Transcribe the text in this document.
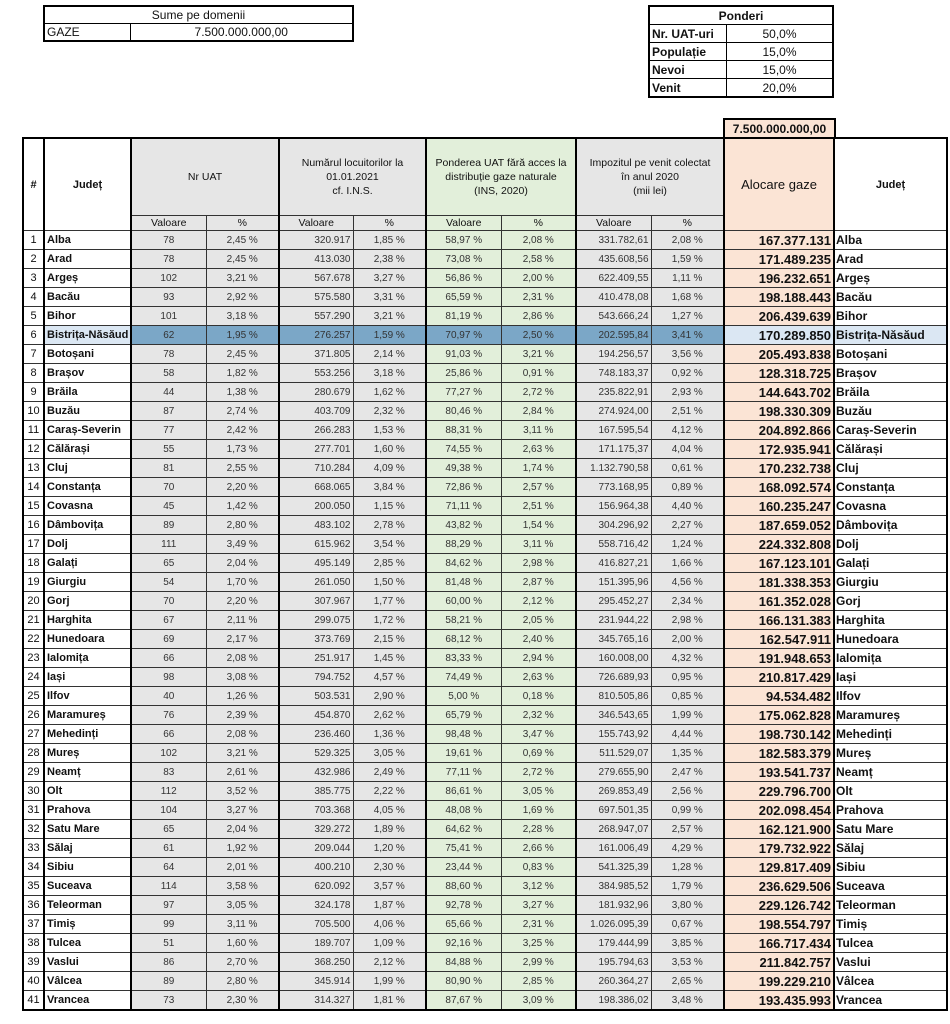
Sume pe domenii
GAZE	7.500.000.000,00
Ponderi	
Nr. UAT-uri	50,0%
Populație	15,0%
Nevoi	15,0%
Venit	20,0%
7.500.000.000,00
#	Județ	Nr UAT		Numărul locuitorilor la
01.01.2021
cf. I.N.S.		Ponderea UAT fără acces la
distribuție gaze naturale
(INS, 2020)		Impozitul pe venit colectat
în anul 2020
(mii lei)		Alocare gaze	Județ
		Valoare	%	Valoare	%	Valoare	%	Valoare	%		
1	Alba	78	2,45 %	320.917	1,85 %	58,97 %	2,08 %	331.782,61	2,08 %	167.377.131	Alba
2	Arad	78	2,45 %	413.030	2,38 %	73,08 %	2,58 %	435.608,56	1,59 %	171.489.235	Arad
3	Argeș	102	3,21 %	567.678	3,27 %	56,86 %	2,00 %	622.409,55	1,11 %	196.232.651	Argeș
4	Bacău	93	2,92 %	575.580	3,31 %	65,59 %	2,31 %	410.478,08	1,68 %	198.188.443	Bacău
5	Bihor	101	3,18 %	557.290	3,21 %	81,19 %	2,86 %	543.666,24	1,27 %	206.439.639	Bihor
6	Bistrița-Năsăud	62	1,95 %	276.257	1,59 %	70,97 %	2,50 %	202.595,84	3,41 %	170.289.850	Bistrița-Năsăud
7	Botoșani	78	2,45 %	371.805	2,14 %	91,03 %	3,21 %	194.256,57	3,56 %	205.493.838	Botoșani
8	Brașov	58	1,82 %	553.256	3,18 %	25,86 %	0,91 %	748.183,37	0,92 %	128.318.725	Brașov
9	Brăila	44	1,38 %	280.679	1,62 %	77,27 %	2,72 %	235.822,91	2,93 %	144.643.702	Brăila
10	Buzău	87	2,74 %	403.709	2,32 %	80,46 %	2,84 %	274.924,00	2,51 %	198.330.309	Buzău
11	Caraș-Severin	77	2,42 %	266.283	1,53 %	88,31 %	3,11 %	167.595,54	4,12 %	204.892.866	Caraș-Severin
12	Călărași	55	1,73 %	277.701	1,60 %	74,55 %	2,63 %	171.175,37	4,04 %	172.935.941	Călărași
13	Cluj	81	2,55 %	710.284	4,09 %	49,38 %	1,74 %	1.132.790,58	0,61 %	170.232.738	Cluj
14	Constanța	70	2,20 %	668.065	3,84 %	72,86 %	2,57 %	773.168,95	0,89 %	168.092.574	Constanța
15	Covasna	45	1,42 %	200.050	1,15 %	71,11 %	2,51 %	156.964,38	4,40 %	160.235.247	Covasna
16	Dâmbovița	89	2,80 %	483.102	2,78 %	43,82 %	1,54 %	304.296,92	2,27 %	187.659.052	Dâmbovița
17	Dolj	111	3,49 %	615.962	3,54 %	88,29 %	3,11 %	558.716,42	1,24 %	224.332.808	Dolj
18	Galați	65	2,04 %	495.149	2,85 %	84,62 %	2,98 %	416.827,21	1,66 %	167.123.101	Galați
19	Giurgiu	54	1,70 %	261.050	1,50 %	81,48 %	2,87 %	151.395,96	4,56 %	181.338.353	Giurgiu
20	Gorj	70	2,20 %	307.967	1,77 %	60,00 %	2,12 %	295.452,27	2,34 %	161.352.028	Gorj
21	Harghita	67	2,11 %	299.075	1,72 %	58,21 %	2,05 %	231.944,22	2,98 %	166.131.383	Harghita
22	Hunedoara	69	2,17 %	373.769	2,15 %	68,12 %	2,40 %	345.765,16	2,00 %	162.547.911	Hunedoara
23	Ialomița	66	2,08 %	251.917	1,45 %	83,33 %	2,94 %	160.008,00	4,32 %	191.948.653	Ialomița
24	Iași	98	3,08 %	794.752	4,57 %	74,49 %	2,63 %	726.689,93	0,95 %	210.817.429	Iași
25	Ilfov	40	1,26 %	503.531	2,90 %	5,00 %	0,18 %	810.505,86	0,85 %	94.534.482	Ilfov
26	Maramureș	76	2,39 %	454.870	2,62 %	65,79 %	2,32 %	346.543,65	1,99 %	175.062.828	Maramureș
27	Mehedinți	66	2,08 %	236.460	1,36 %	98,48 %	3,47 %	155.743,92	4,44 %	198.730.142	Mehedinți
28	Mureș	102	3,21 %	529.325	3,05 %	19,61 %	0,69 %	511.529,07	1,35 %	182.583.379	Mureș
29	Neamț	83	2,61 %	432.986	2,49 %	77,11 %	2,72 %	279.655,90	2,47 %	193.541.737	Neamț
30	Olt	112	3,52 %	385.775	2,22 %	86,61 %	3,05 %	269.853,49	2,56 %	229.796.700	Olt
31	Prahova	104	3,27 %	703.368	4,05 %	48,08 %	1,69 %	697.501,35	0,99 %	202.098.454	Prahova
32	Satu Mare	65	2,04 %	329.272	1,89 %	64,62 %	2,28 %	268.947,07	2,57 %	162.121.900	Satu Mare
33	Sălaj	61	1,92 %	209.044	1,20 %	75,41 %	2,66 %	161.006,49	4,29 %	179.732.922	Sălaj
34	Sibiu	64	2,01 %	400.210	2,30 %	23,44 %	0,83 %	541.325,39	1,28 %	129.817.409	Sibiu
35	Suceava	114	3,58 %	620.092	3,57 %	88,60 %	3,12 %	384.985,52	1,79 %	236.629.506	Suceava
36	Teleorman	97	3,05 %	324.178	1,87 %	92,78 %	3,27 %	181.932,96	3,80 %	229.126.742	Teleorman
37	Timiș	99	3,11 %	705.500	4,06 %	65,66 %	2,31 %	1.026.095,39	0,67 %	198.554.797	Timiș
38	Tulcea	51	1,60 %	189.707	1,09 %	92,16 %	3,25 %	179.444,99	3,85 %	166.717.434	Tulcea
39	Vaslui	86	2,70 %	368.250	2,12 %	84,88 %	2,99 %	195.794,63	3,53 %	211.842.757	Vaslui
40	Vâlcea	89	2,80 %	345.914	1,99 %	80,90 %	2,85 %	260.364,27	2,65 %	199.229.210	Vâlcea
41	Vrancea	73	2,30 %	314.327	1,81 %	87,67 %	3,09 %	198.386,02	3,48 %	193.435.993	Vrancea
